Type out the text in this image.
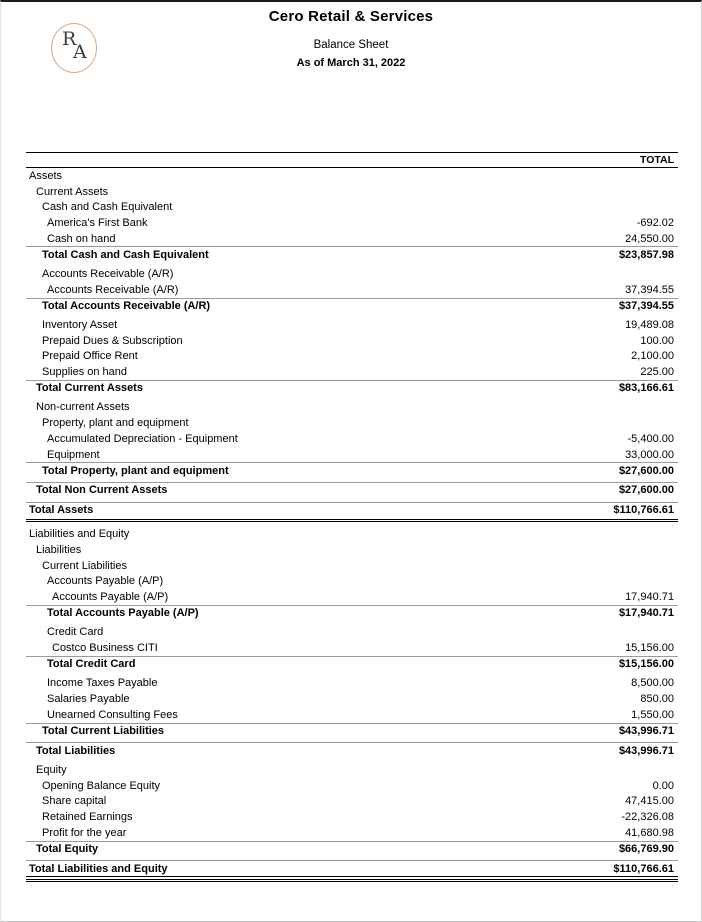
R
A
Cero Retail & Services
Balance Sheet
As of March 31, 2022
TOTAL
Assets
Current Assets
Cash and Cash Equivalent
America's First Bank	-692.02
Cash on hand	24,550.00
Total Cash and Cash Equivalent	$23,857.98
Accounts Receivable (A/R)
Accounts Receivable (A/R)	37,394.55
Total Accounts Receivable (A/R)	$37,394.55
Inventory Asset	19,489.08
Prepaid Dues & Subscription	100.00
Prepaid Office Rent	2,100.00
Supplies on hand	225.00
Total Current Assets	$83,166.61
Non-current Assets
Property, plant and equipment
Accumulated Depreciation - Equipment	-5,400.00
Equipment	33,000.00
Total Property, plant and equipment	$27,600.00
Total Non Current Assets	$27,600.00
Total Assets	$110,766.61
Liabilities and Equity
Liabilities
Current Liabilities
Accounts Payable (A/P)
Accounts Payable (A/P)	17,940.71
Total Accounts Payable (A/P)	$17,940.71
Credit Card
Costco Business CITI	15,156.00
Total Credit Card	$15,156.00
Income Taxes Payable	8,500.00
Salaries Payable	850.00
Unearned Consulting Fees	1,550.00
Total Current Liabilities	$43,996.71
Total Liabilities	$43,996.71
Equity
Opening Balance Equity	0.00
Share capital	47,415.00
Retained Earnings	-22,326.08
Profit for the year	41,680.98
Total Equity	$66,769.90
Total Liabilities and Equity	$110,766.61
